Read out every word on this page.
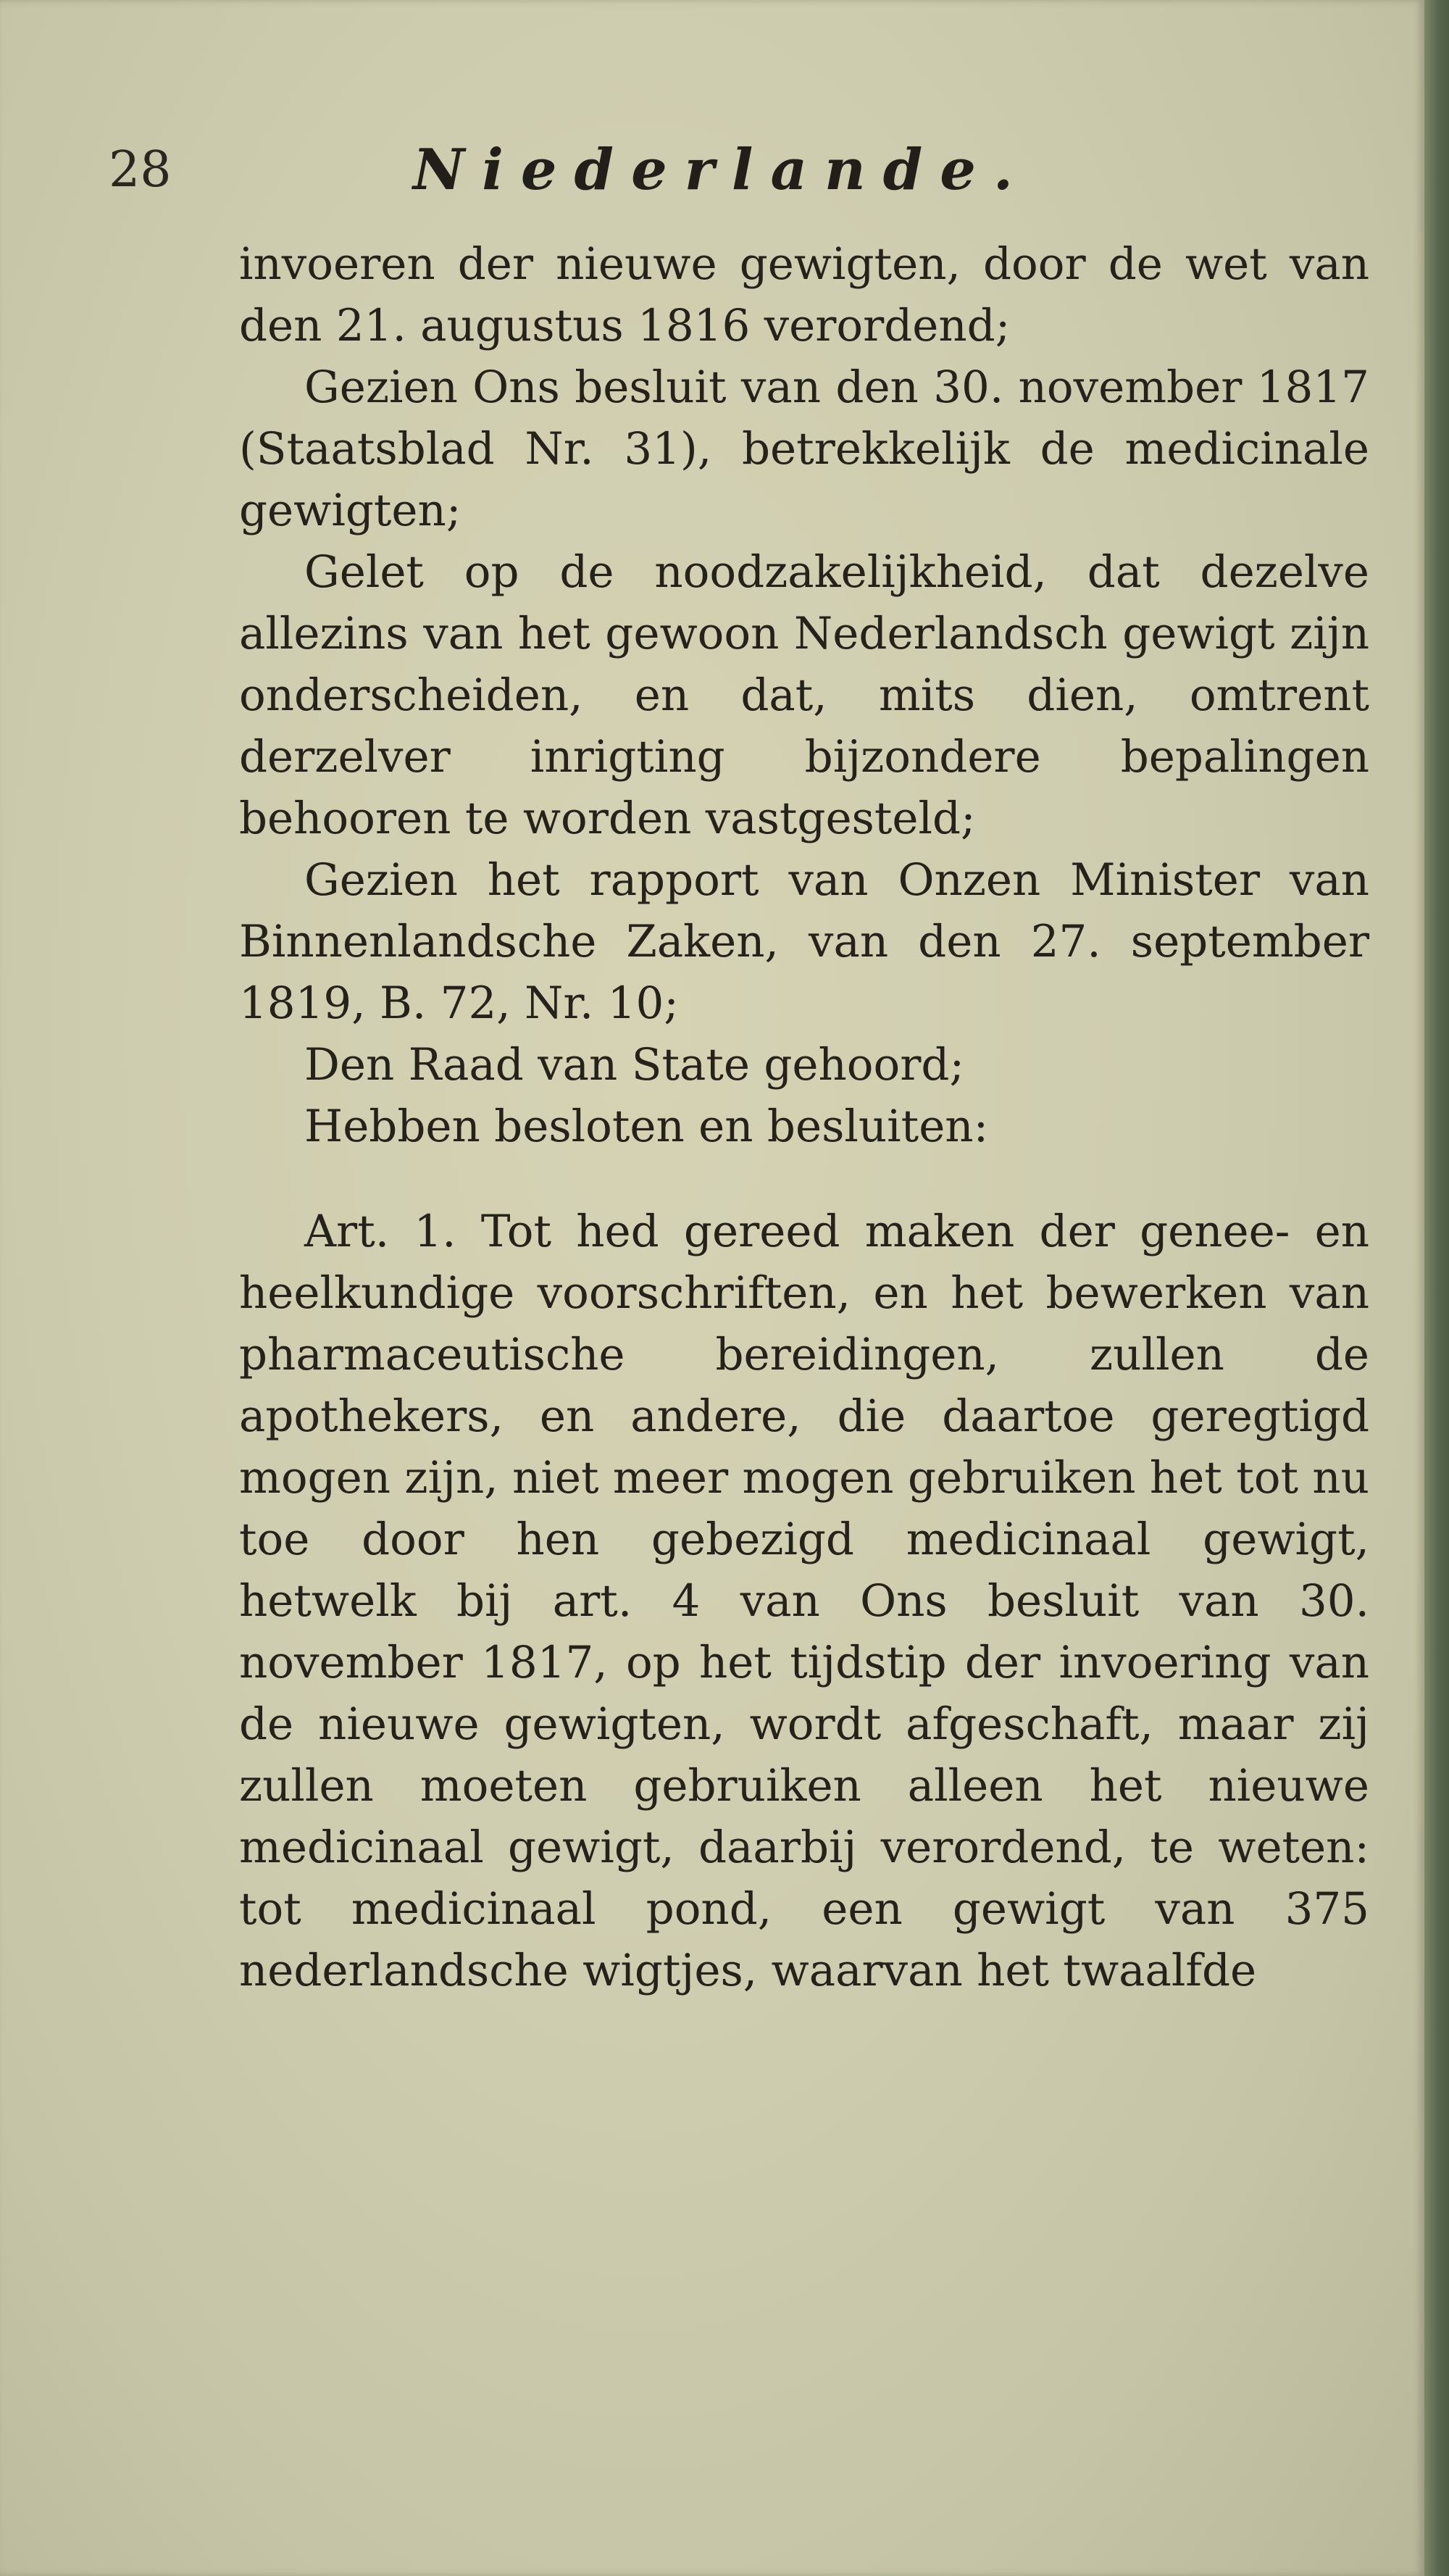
28	Niederlande.

invoeren der nieuwe gewigten, door de wet van den 21. augustus 1816 verordend;

Gezien Ons besluit van den 30. november 1817 (Staatsblad Nr. 31), betrekkelijk de medicinale gewigten;

Gelet op de noodzakelijkheid, dat dezelve allezins van het gewoon Nederlandsch gewigt zijn onderscheiden, en dat, mits dien, omtrent derzelver inrigting bijzondere bepalingen behooren te worden vastgesteld;

Gezien het rapport van Onzen Minister van Binnenlandsche Zaken, van den 27. september 1819, B. 72, Nr. 10;

Den Raad van State gehoord;

Hebben besloten en besluiten:

Art. 1. Tot hed gereed maken der genee- en heelkundige voorschriften, en het bewerken van pharmaceutische bereidingen, zullen de apothekers, en andere, die daartoe geregtigd mogen zijn, niet meer mogen gebruiken het tot nu toe door hen gebezigd medicinaal gewigt, hetwelk bij art. 4 van Ons besluit van 30. november 1817, op het tijdstip der invoering van de nieuwe gewigten, wordt afgeschaft, maar zij zullen moeten gebruiken alleen het nieuwe medicinaal gewigt, daarbij verordend, te weten: tot medicinaal pond, een gewigt van 375 nederlandsche wigtjes, waarvan het twaalfde
